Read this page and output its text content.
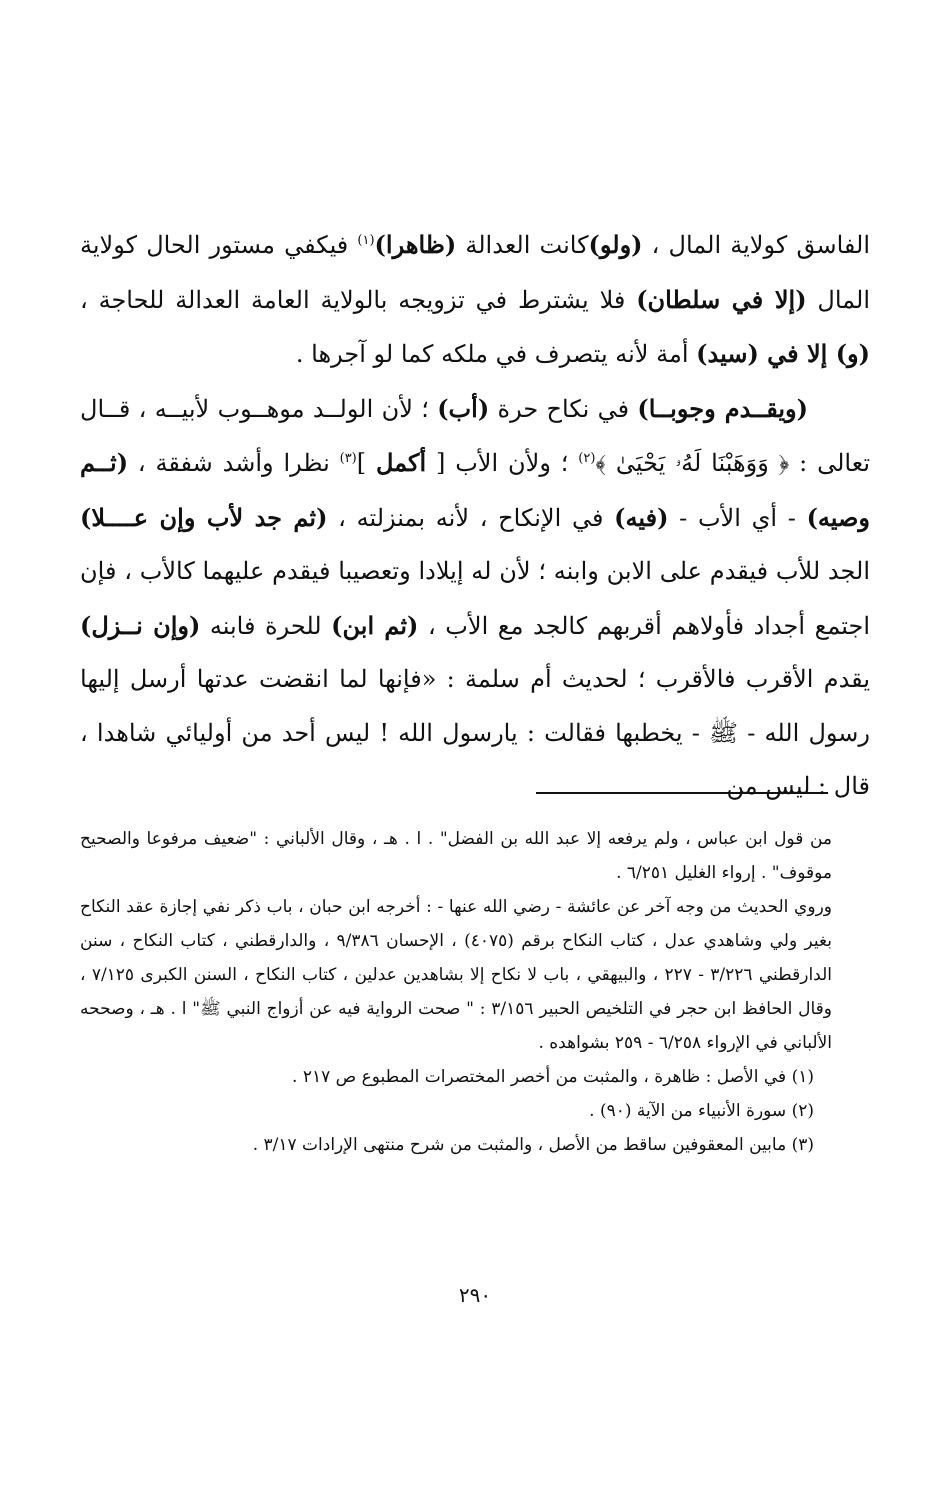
الفاسق كولاية المال ، (ولو)كانت العدالة (ظاهرا)$^{(١)}$ فيكفي مستور الحال كولاية المال (إلا في سلطان) فلا يشترط في تزويجه بالولاية العامة العدالة للحاجة ، (و) إلا في (سيد) أمة لأنه يتصرف في ملكه كما لو آجرها .

(ويقــدم وجوبــا) في نكاح حرة (أب) ؛ لأن الولــد موهــوب لأبيــه ، قــال تعالى : ﴿ وَوَهَبْنَا لَهُۥ يَحْيَىٰ ﴾$^{(٢)}$ ؛ ولأن الأب [ أكمل ]$^{(٣)}$ نظرا وأشد شفقة ، (ثــم وصيه) - أي الأب - (فيه) في الإنكاح ، لأنه بمنزلته ، (ثم جد لأب وإن عــــلا) الجد للأب فيقدم على الابن وابنه ؛ لأن له إيلادا وتعصيبا فيقدم عليهما كالأب ، فإن اجتمع أجداد فأولاهم أقربهم كالجد مع الأب ، (ثم ابن) للحرة فابنه (وإن نــزل) يقدم الأقرب فالأقرب ؛ لحديث أم سلمة : «فإنها لما انقضت عدتها أرسل إليها رسول الله - ﷺ - يخطبها فقالت : يارسول الله ! ليس أحد من أوليائي شاهدا ، قال : ليس من

من قول ابن عباس ، ولم يرفعه إلا عبد الله بن الفضل" . ا . هـ ، وقال الألباني : "ضعيف مرفوعا والصحيح موقوف" . إرواء الغليل ٦/٢٥١ .

وروي الحديث من وجه آخر عن عائشة - رضي الله عنها - : أخرجه ابن حبان ، باب ذكر نفي إجازة عقد النكاح بغير ولي وشاهدي عدل ، كتاب النكاح برقم (٤٠٧٥) ، الإحسان ٩/٣٨٦ ، والدارقطني ، كتاب النكاح ، سنن الدارقطني ٣/٢٢٦ - ٢٢٧ ، والبيهقي ، باب لا نكاح إلا بشاهدين عدلين ، كتاب النكاح ، السنن الكبرى ٧/١٢٥ ، وقال الحافظ ابن حجر في التلخيص الحبير ٣/١٥٦ : " صحت الرواية فيه عن أزواج النبي ﷺ" ا . هـ ، وصححه الألباني في الإرواء ٦/٢٥٨ - ٢٥٩ بشواهده .

(١) في الأصل : ظاهرة ، والمثبت من أخصر المختصرات المطبوع ص ٢١٧ .

(٢) سورة الأنبياء من الآية (٩٠) .

(٣) مابين المعقوفين ساقط من الأصل ، والمثبت من شرح منتهى الإرادات ٣/١٧ .

٢٩٠
